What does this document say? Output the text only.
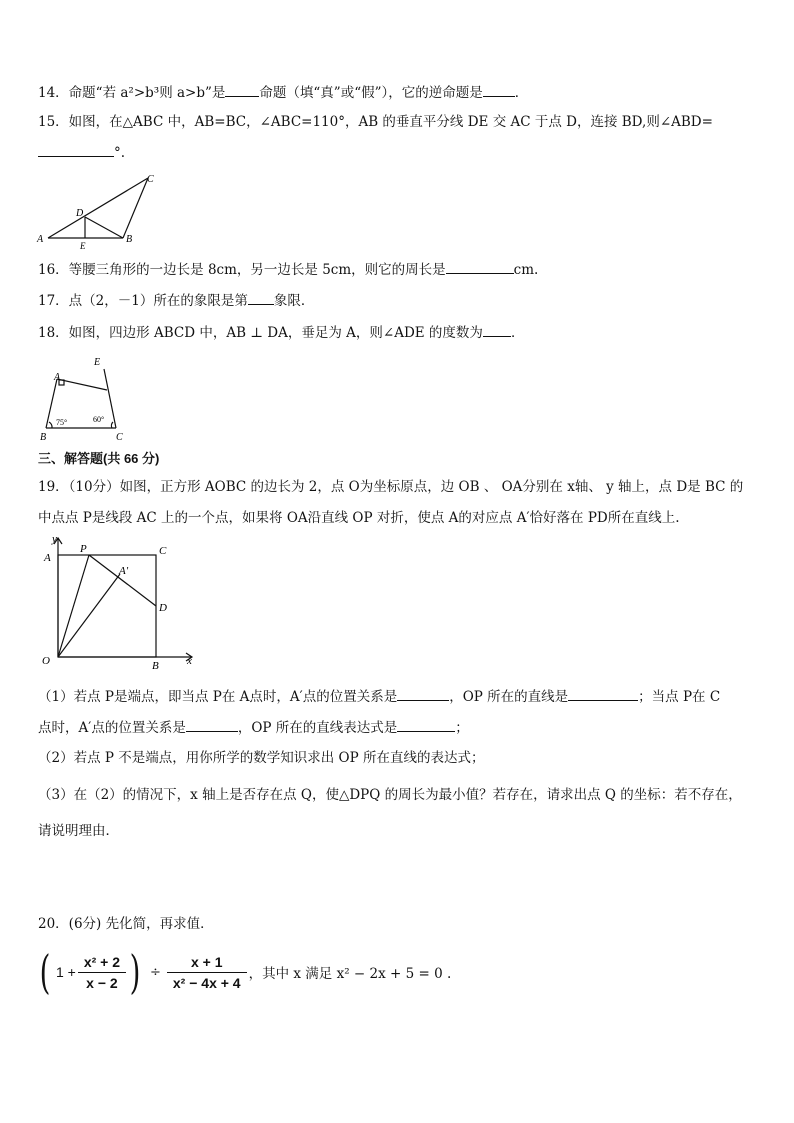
14．命题“若 a²>b³则 a>b”是	命题（填“真”或“假”），它的逆命题是 ．
15．如图，在△ABC 中，AB=BC，∠ABC=110°，AB 的垂直平分线 DE 交 AC 于点 D，连接 BD,则∠ABD=
°.
A	B
C
D
E
16．等腰三角形的一边长是 8cm，另一边长是 5cm，则它的周长是	cm.
17．点（2，－1）所在的象限是第 象限．
18．如图，四边形 ABCD 中，AB ⊥ DA，垂足为 A，则∠ADE 的度数为 ．
A
B	C
E
75°	60°
三、解答题(共 66 分)
19．（10分）如图，正方形 AOBC 的边长为 2，点 O为坐标原点，边 OB 、 OA分别在 x轴、 y 轴上，点 D是 BC 的
中点点 P是线段 AC 上的一个点，如果将 OA沿直线 OP 对折，使点 A的对应点 A′恰好落在 PD所在直线上.
y
x
A
O	B
C
D
P
A′
（1）若点 P是端点，即当点 P在 A点时，A′点的位置关系是	，OP 所在的直线是	；当点 P在 C
点时，A′点的位置关系是	，OP 所在的直线表达式是	；
（2）若点 P 不是端点，用你所学的数学知识求出 OP 所在直线的表达式；
（3）在（2）的情况下，x 轴上是否存在点 Q，使△DPQ 的周长为最小值？若存在，请求出点 Q 的坐标：若不存在，
请说明理由．
20．(6分) 先化简，再求值．
( $1 + \frac{\text{x² + 2}}{x - 2}$ ) ÷ $\frac{x + 1}{\text{x² − 4x + 4}}$ ，其中 x 满足 x² − 2x + 5 = 0 .
